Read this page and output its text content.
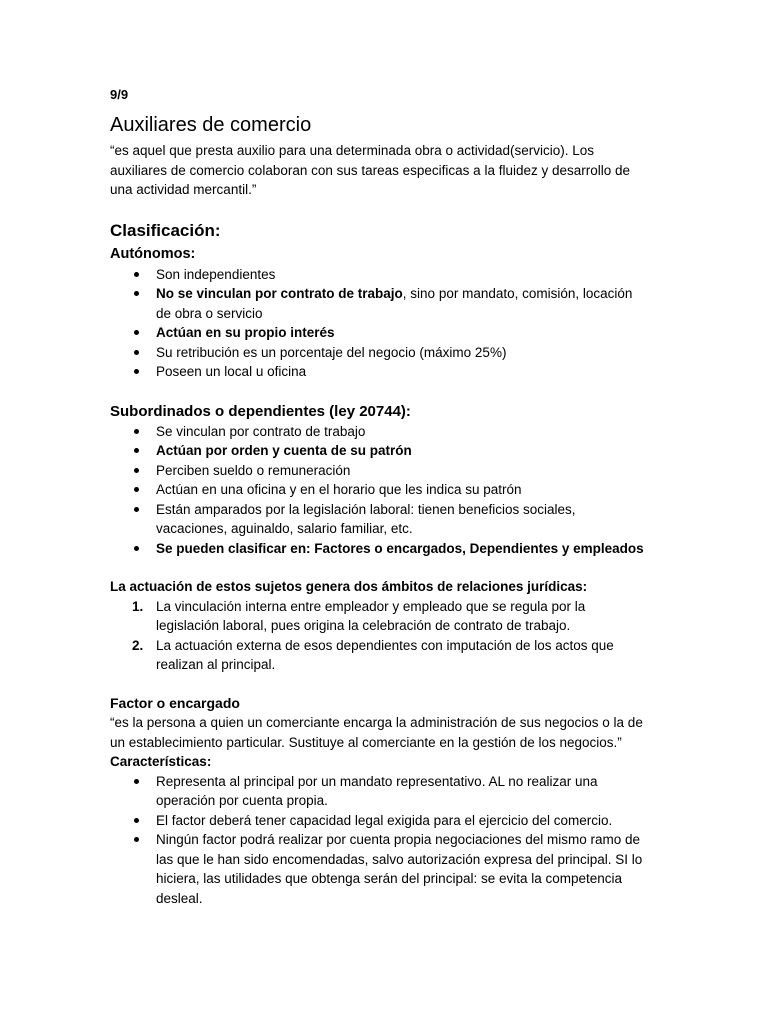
9/9
Auxiliares de comercio

“es aquel que presta auxilio para una determinada obra o actividad(servicio). Los auxiliares de comercio colaboran con sus tareas especificas a la fluidez y desarrollo de una actividad mercantil.”

Clasificación:
Autónomos:
Son independientes
No se vinculan por contrato de trabajo, sino por mandato, comisión, locación de obra o servicio
Actúan en su propio interés
Su retribución es un porcentaje del negocio (máximo 25%)
Poseen un local u oficina
Subordinados o dependientes (ley 20744):
Se vinculan por contrato de trabajo
Actúan por orden y cuenta de su patrón
Perciben sueldo o remuneración
Actúan en una oficina y en el horario que les indica su patrón
Están amparados por la legislación laboral: tienen beneficios sociales, vacaciones, aguinaldo, salario familiar, etc.
Se pueden clasificar en: Factores o encargados, Dependientes y empleados
La actuación de estos sujetos genera dos ámbitos de relaciones jurídicas:
1. La vinculación interna entre empleador y empleado que se regula por la legislación laboral, pues origina la celebración de contrato de trabajo.
2. La actuación externa de esos dependientes con imputación de los actos que realizan al principal.
Factor o encargado

“es la persona a quien un comerciante encarga la administración de sus negocios o la de un establecimiento particular. Sustituye al comerciante en la gestión de los negocios.”

Características:
Representa al principal por un mandato representativo. AL no realizar una operación por cuenta propia.
El factor deberá tener capacidad legal exigida para el ejercicio del comercio.
Ningún factor podrá realizar por cuenta propia negociaciones del mismo ramo de las que le han sido encomendadas, salvo autorización expresa del principal. SI lo hiciera, las utilidades que obtenga serán del principal: se evita la competencia desleal.
